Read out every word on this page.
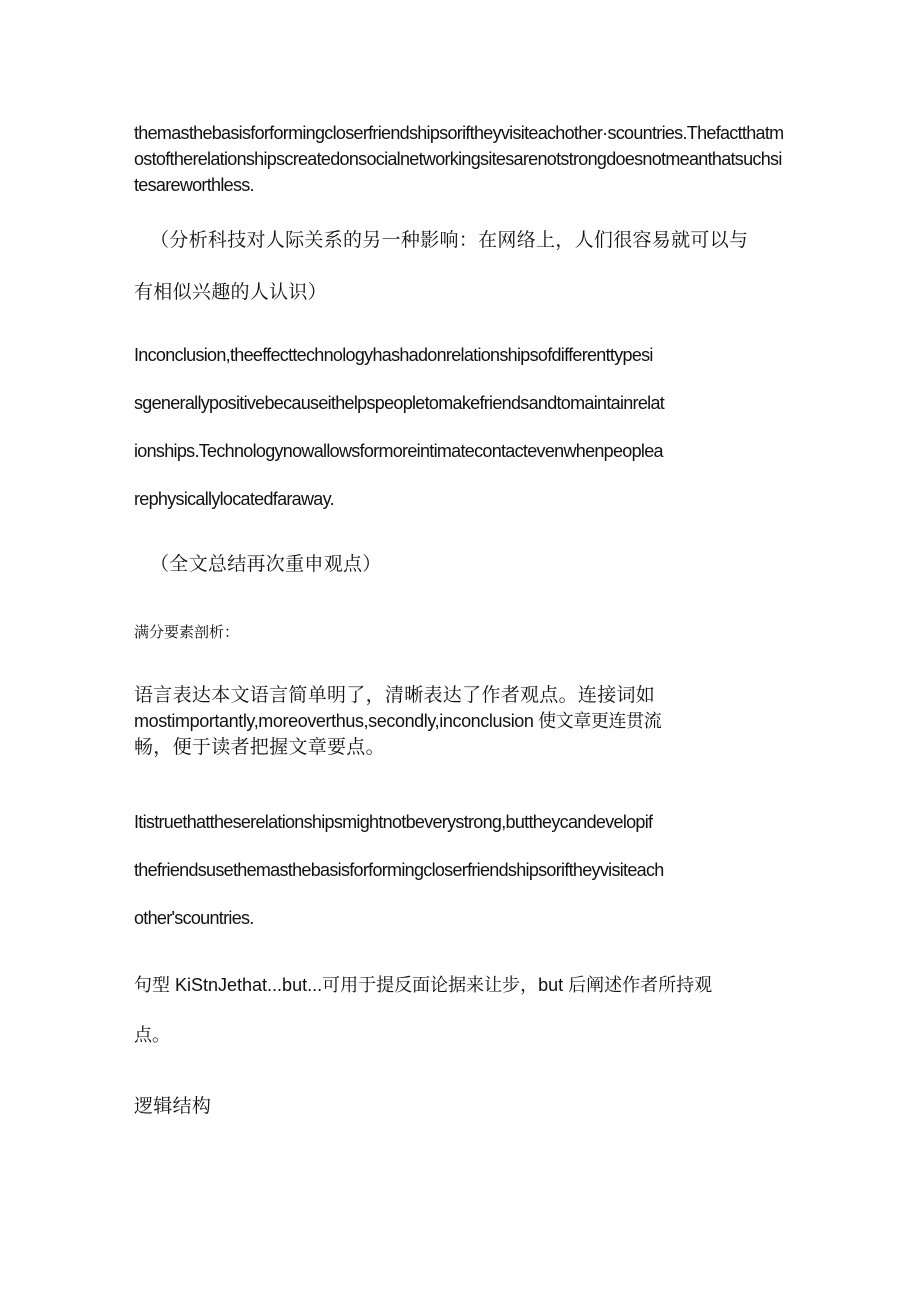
themasthebasisforformingcloserfriendshipsoriftheyvisiteachother·scountries.Thefactthatmostoftherelationshipscreatedonsocialnetworkingsitesarenotstrongdoesnotmeanthatsuchsitesareworthless.

（分析科技对人际关系的另一种影响：在网络上，人们很容易就可以与
有相似兴趣的人认识）
Inconclusion,theeffecttechnologyhashadonrelationshipsofdifferenttypesi
sgenerallypositivebecauseithelpspeopletomakefriendsandtomaintainrelat
ionships.Technologynowallowsformoreintimatecontactevenwhenpeoplea
rephysicallylocatedfaraway.

（全文总结再次重申观点）

满分要素剖析：

语言表达本文语言简单明了，清晰表达了作者观点。连接词如
mostimportantly,moreoverthus,secondly,inconclusion 使文章更连贯流
畅，便于读者把握文章要点。
Itistruethattheserelationshipsmightnotbeverystrong,buttheycandevelopif
thefriendsusethemasthebasisforformingcloserfriendshipsoriftheyvisiteach
other'scountries.
句型 KiStnJethat...but...可用于提反面论据来让步，but 后阐述作者所持观
点。

逻辑结构
